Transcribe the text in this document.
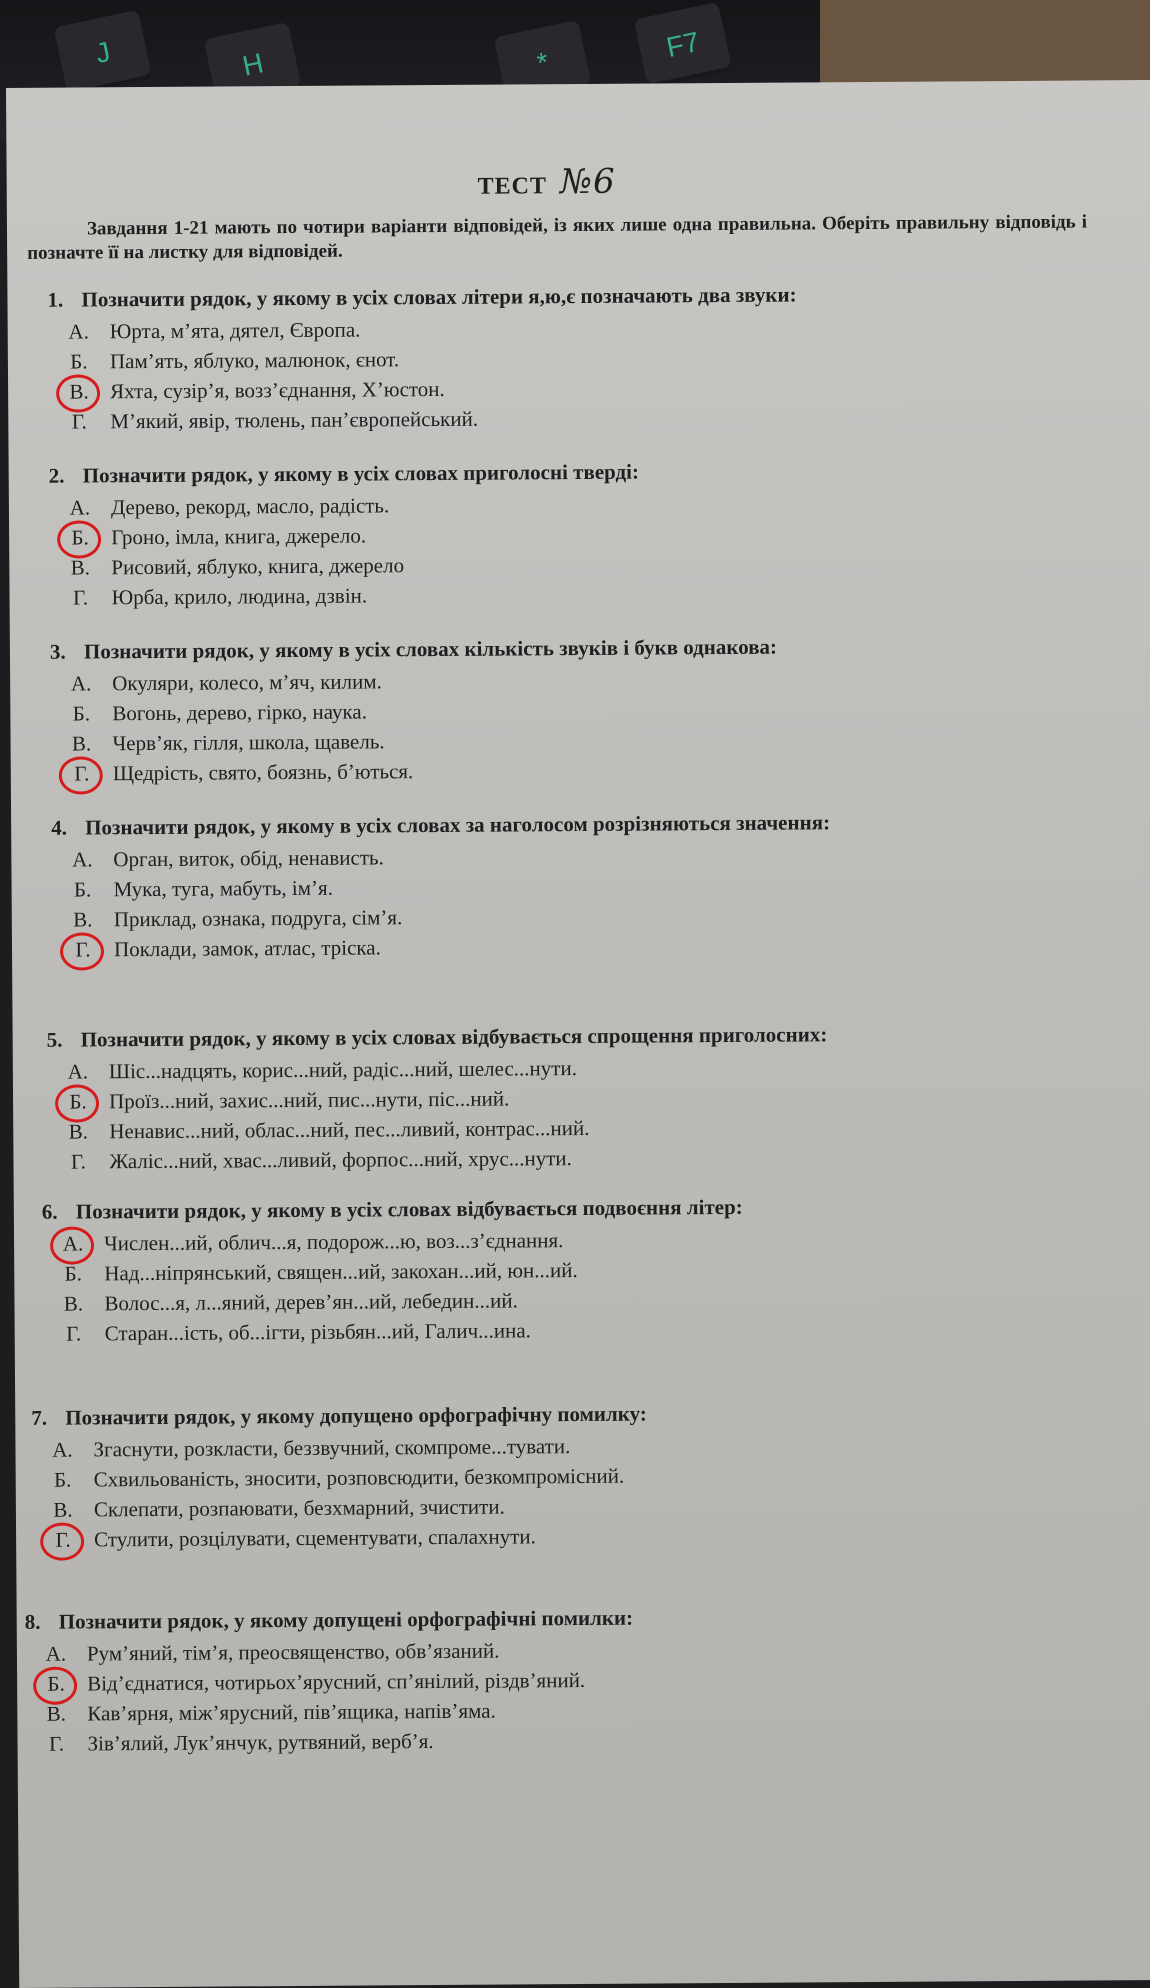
J	H	*	F7
ТЕСТ №6
Завдання 1-21 мають по чотири варіанти відповідей, із яких лише одна правильна. Оберіть правильну відповідь і позначте її на листку для відповідей.
1. Позначити рядок, у якому в усіх словах літери я,ю,є позначають два звуки:
А. Юрта, м’ята, дятел, Європа.
Б. Пам’ять, яблуко, малюнок, єнот.
В. Яхта, сузір’я, возз’єднання, Х’юстон.
Г. М’який, явір, тюлень, пан’європейський.
2. Позначити рядок, у якому в усіх словах приголосні тверді:
А. Дерево, рекорд, масло, радість.
Б. Гроно, імла, книга, джерело.
В. Рисовий, яблуко, книга, джерело
Г. Юрба, крило, людина, дзвін.
3. Позначити рядок, у якому в усіх словах кількість звуків і букв однакова:
А. Окуляри, колесо, м’яч, килим.
Б. Вогонь, дерево, гірко, наука.
В. Черв’як, гілля, школа, щавель.
Г. Щедрість, свято, боязнь, б’ються.
4. Позначити рядок, у якому в усіх словах за наголосом розрізняються значення:
А. Орган, виток, обід, ненависть.
Б. Мука, туга, мабуть, ім’я.
В. Приклад, ознака, подруга, сім’я.
Г. Поклади, замок, атлас, тріска.
5. Позначити рядок, у якому в усіх словах відбувається спрощення приголосних:
А. Шіс...надцять, корис...ний, радіс...ний, шелес...нути.
Б. Проїз...ний, захис...ний, пис...нути, піс...ний.
В. Ненавис...ний, облас...ний, пес...ливий, контрас...ний.
Г. Жаліс...ний, хвас...ливий, форпос...ний, хрус...нути.
6. Позначити рядок, у якому в усіх словах відбувається подвоєння літер:
А. Числен...ий, облич...я, подорож...ю, воз...з’єднання.
Б. Над...ніпрянський, священ...ий, закохан...ий, юн...ий.
В. Волос...я, л...яний, дерев’ян...ий, лебедин...ий.
Г. Старан...ість, об...ігти, різьбян...ий, Галич...ина.
7. Позначити рядок, у якому допущено орфографічну помилку:
А. Згаснути, розкласти, беззвучний, скомпроме...тувати.
Б. Схвильованість, зносити, розповсюдити, безкомпромісний.
В. Склепати, розпаювати, безхмарний, зчистити.
Г. Стулити, розцілувати, сцементувати, спалахнути.
8. Позначити рядок, у якому допущені орфографічні помилки:
А. Рум’яний, тім’я, преосвященство, обв’язаний.
Б. Від’єднатися, чотирьох’ярусний, сп’янілий, різдв’яний.
В. Кав’ярня, між’ярусний, пів’ящика, напів’яма.
Г. Зів’ялий, Лук’янчук, рутвяний, верб’я.
